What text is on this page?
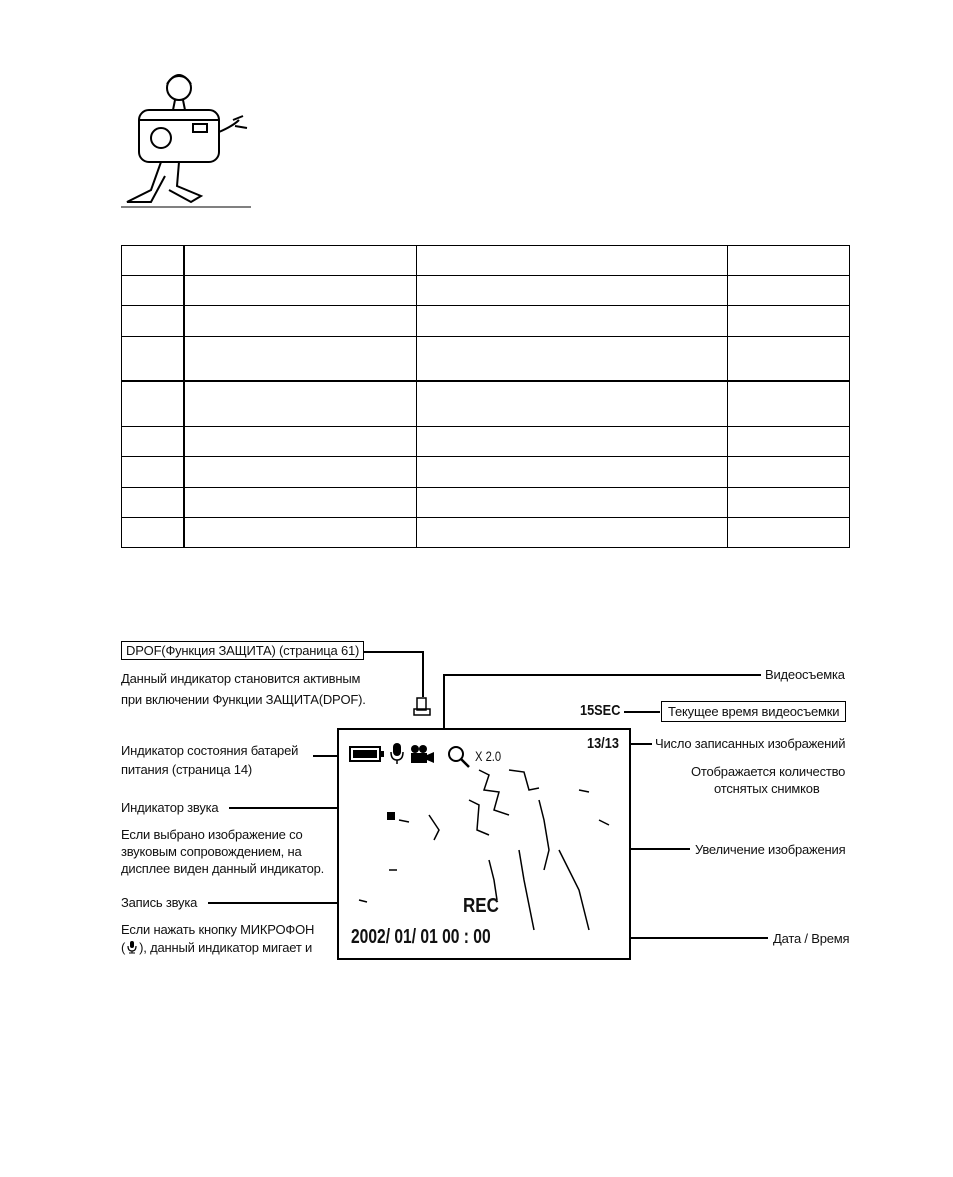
DPOF(Функция ЗАЩИТА) (страница 61)
Данный индикатор становится активным
при включении Функции ЗАЩИТА(DPOF).
Индикатор состояния батарей
питания (страница 14)
Индикатор звука
Если выбрано изображение со
звуковым сопровождением, на
дисплее виден данный индикатор.
Запись звука
Если нажать кнопку МИКРОФОН
( ), данный индикатор мигает и
Видеосъемка
Текущее время видеосъемки
Число записанных изображений
Отображается количество
отснятых снимков
Увеличение изображения
Дата / Время
15SEC
X 2.0
13/13
REC
2002/ 01/ 01 00 : 00
